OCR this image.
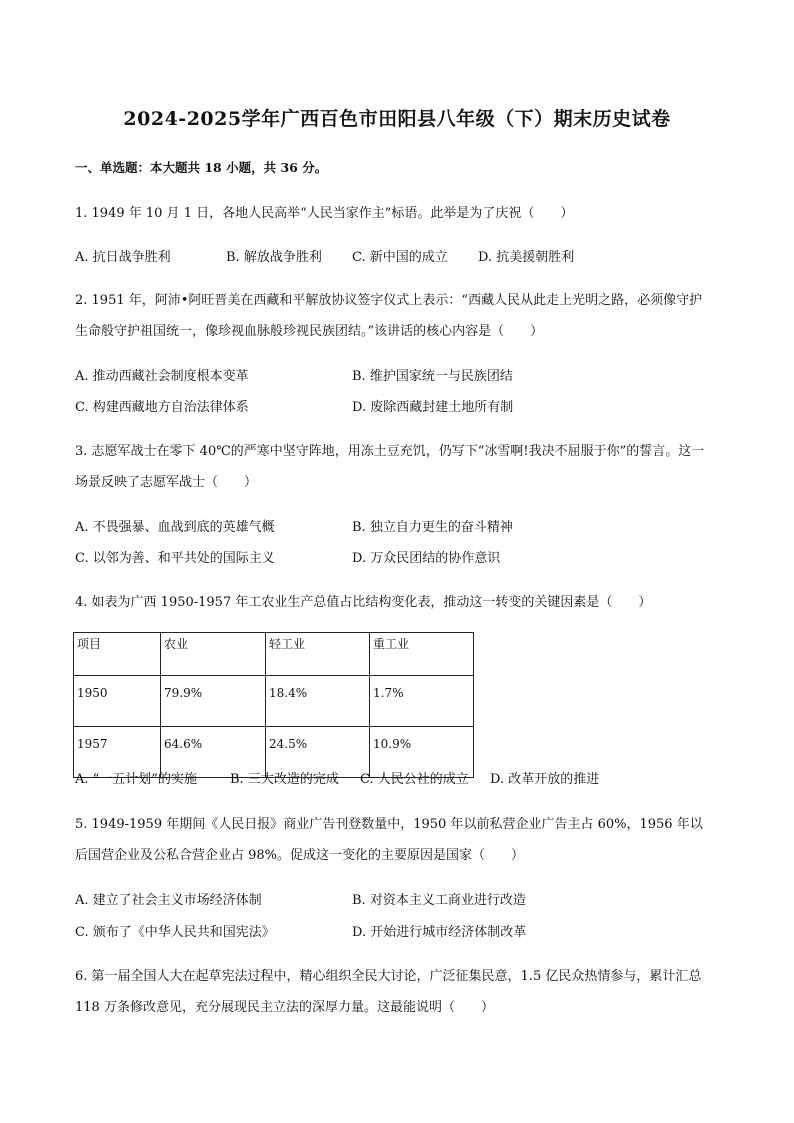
2024-2025学年广西百色市田阳县八年级（下）期末历史试卷
一、单选题：本大题共 18 小题，共 36 分。
1. 1949 年 10 月 1 日，各地人民高举“人民当家作主”标语。此举是为了庆祝（　　）
A. 抗日战争胜利	B. 解放战争胜利 C. 新中国的成立 D. 抗美援朝胜利
2. 1951 年，阿沛•阿旺晋美在西藏和平解放协议签字仪式上表示：“西藏人民从此走上光明之路，必须像守护生命般守护祖国统一，像珍视血脉般珍视民族团结。”该讲话的核心内容是（　　）
A. 推动西藏社会制度根本变革	B. 维护国家统一与民族团结
C. 构建西藏地方自治法律体系	D. 废除西藏封建土地所有制
3. 志愿军战士在零下 40℃的严寒中坚守阵地，用冻土豆充饥，仍写下“冰雪啊!我决不屈服于你”的誓言。这一场景反映了志愿军战士（　　）
A. 不畏强暴、血战到底的英雄气概	B. 独立自力更生的奋斗精神
C. 以邻为善、和平共处的国际主义	D. 万众民团结的协作意识
4. 如表为广西 1950-1957 年工农业生产总值占比结构变化表，推动这一转变的关键因素是（　　）
项目	农业	轻工业	重工业
1950	79.9%	18.4%	1.7%
1957	64.6%	24.5%	10.9%
A. “一五计划”的实施	B. 三大改造的完成 C. 人民公社的成立 D. 改革开放的推进
5. 1949-1959 年期间《人民日报》商业广告刊登数量中，1950 年以前私营企业广告主占 60%，1956 年以后国营企业及公私合营企业占 98%。促成这一变化的主要原因是国家（　　）
A. 建立了社会主义市场经济体制	B. 对资本主义工商业进行改造
C. 颁布了《中华人民共和国宪法》	D. 开始进行城市经济体制改革
6. 第一届全国人大在起草宪法过程中，精心组织全民大讨论，广泛征集民意，1.5 亿民众热情参与，累计汇总 118 万条修改意见，充分展现民主立法的深厚力量。这最能说明（　　）
